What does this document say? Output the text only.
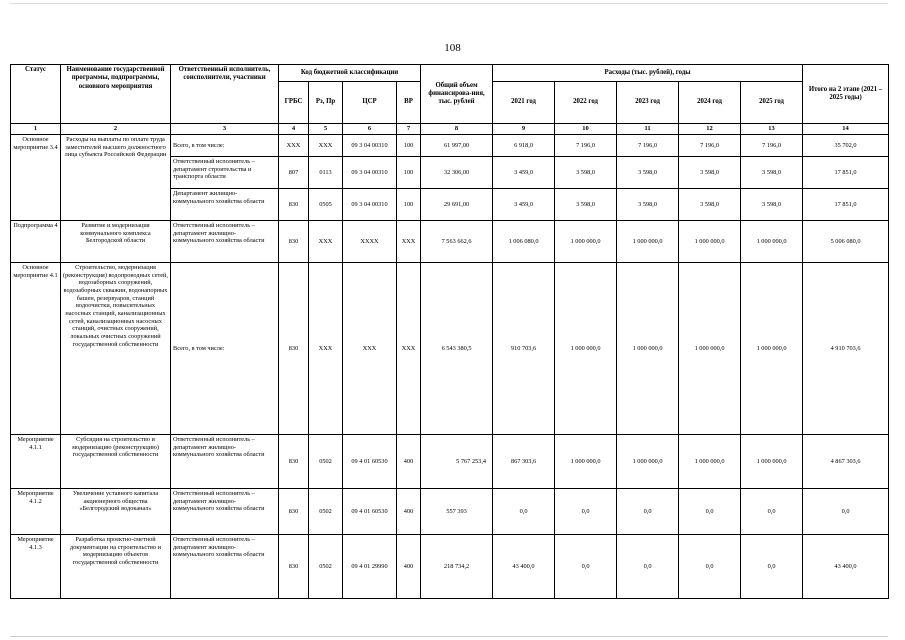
108
Статус	Наименование государственной программы, подпрограммы, основного мероприятия	Ответственный исполнитель, соисполнители, участники	Код бюджетной классификации				Общий объем финансирова-ния, тыс. рублей	Расходы (тыс. рублей), годы					Итого на 2 этапе (2021 – 2025 годы)
			ГРБС	Рз, Пр	ЦСР	ВР		2021 год	2022 год	2023 год	2024 год	2025 год	
1	2	3	4	5	6	7	8	9	10	11	12	13	14
Основное мероприятие 3.4	Расходы на выплаты по оплате труда заместителей высшего должностного лица субъекта Российской Федерации	Всего, в том числе:	ХХХ	ХХХ	09 3 04 00310	100	61 997,00	6 918,0	7 196,0	7 196,0	7 196,0	7 196,0	35 702,0
		Ответственный исполнитель – департамент строительства и транспорта области	807	0113	09 3 04 00310	100	32 306,00	3 459,0	3 598,0	3 598,0	3 598,0	3 598,0	17 851,0
		Департамент жилищно-коммунального хозяйства области	830	0505	09 3 04 00310	100	29 691,00	3 459,0	3 598,0	3 598,0	3 598,0	3 598,0	17 851,0
Подпрограмма 4	Развитие и модернизация коммунального комплекса Белгородской области	Ответственный исполнитель – департамент жилищно-коммунального хозяйства области	830	ХХХ	ХХХХ	ХХХ	7 563 662,6	1 006 080,0	1 000 000,0	1 000 000,0	1 000 000,0	1 000 000,0	5 006 080,0
Основное мероприятие 4.1	Строительство, модернизация (реконструкция) водопроводных сетей, водозаборных сооружений, водозаборных скважин, водонапорных башен, резервуаров, станций водоочистки, повысительных насосных станций, канализационных сетей, канализационных насосных станций, очистных сооружений, локальных очистных сооружений государственной собственности	Всего, в том числе:	830	ХХХ	ХХХ	ХХХ	6 543 380,5	910 703,6	1 000 000,0	1 000 000,0	1 000 000,0	1 000 000,0	4 910 703,6
Мероприятие 4.1.1	Субсидия на строительство и модернизацию (реконструкцию) государственной собственности	Ответственный исполнитель – департамент жилищно-коммунального хозяйства области	830	0502	09 4 01 60530	400	5 767 253,4	867 303,6	1 000 000,0	1 000 000,0	1 000 000,0	1 000 000,0	4 867 303,6
Мероприятие 4.1.2	Увеличение уставного капитала акционерного общества «Белгородский водоканал»	Ответственный исполнитель – департамент жилищно-коммунального хозяйства области	830	0502	09 4 01 60530	400	557 393	0,0	0,0	0,0	0,0	0,0	0,0
Мероприятие 4.1.3	Разработка проектно-сметной документации на строительство и модернизацию объектов государственной собственности	Ответственный исполнитель – департамент жилищно-коммунального хозяйства области	830	0502	09 4 01 29990	400	218 734,2	43 400,0	0,0	0,0	0,0	0,0	43 400,0
